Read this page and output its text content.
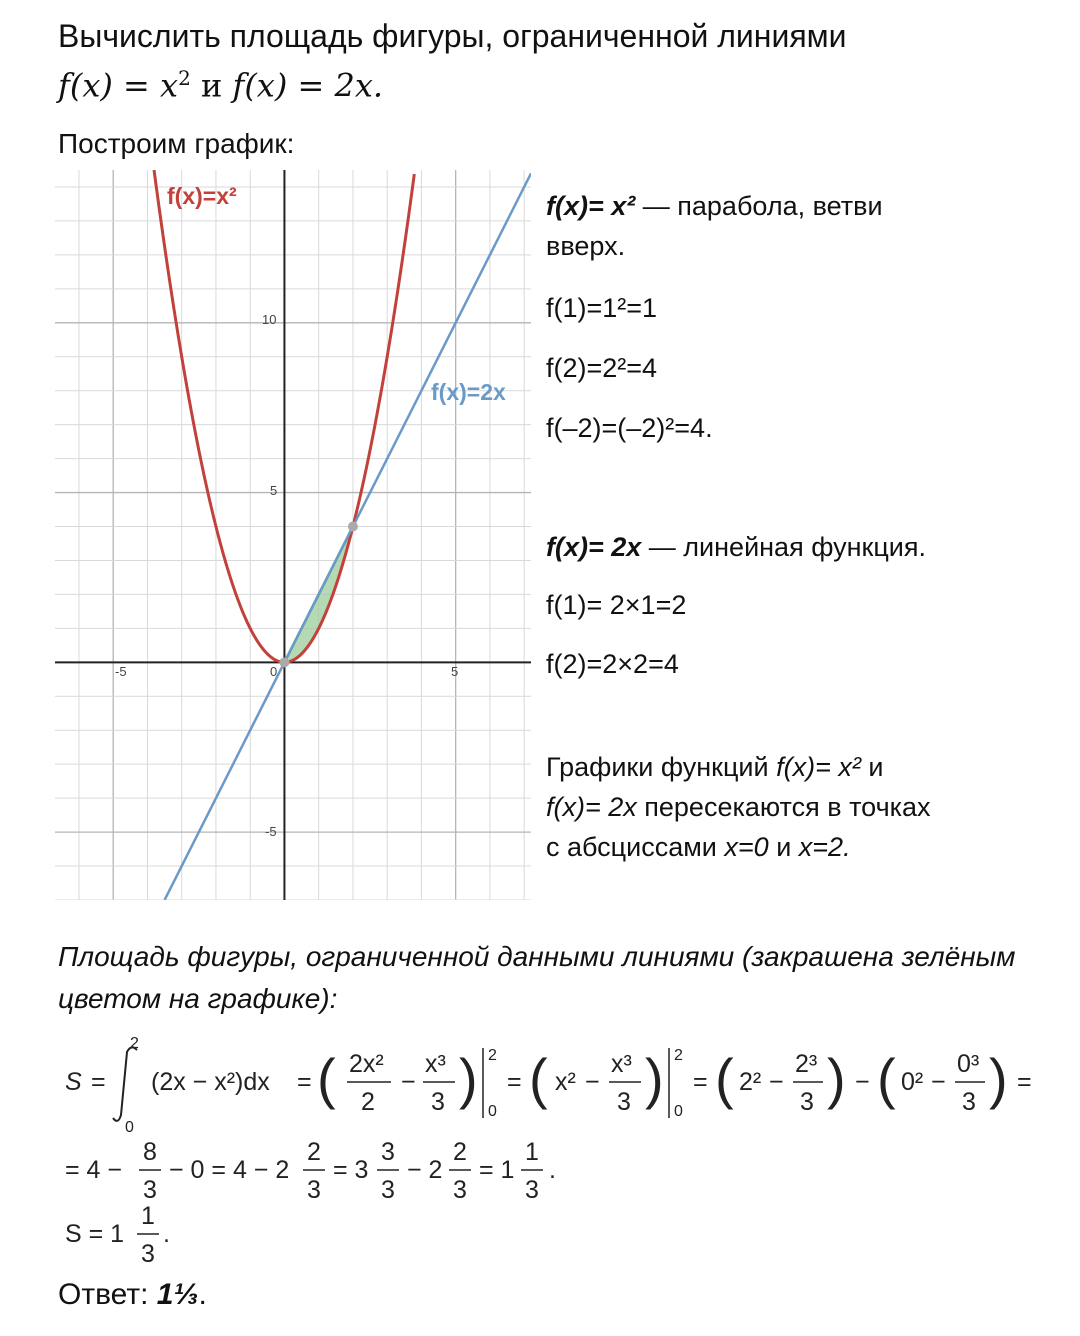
Вычислить площадь фигуры, ограниченной линиями
$f(x) = x^2$ и f(x) = 2x.
Построим график:
-5	0	5
10
5
-5
f(x)=x²
f(x)=2x
f(x)= x² — парабола, ветви
вверх.
f(1)=1²=1
f(2)=2²=4
f(–2)=(–2)²=4.
f(x)= 2x — линейная функция.
f(1)= 2×1=2
f(2)=2×2=4
Графики функций f(x)= x² и
f(x)= 2x пересекаются в точках
с абсциссами x=0 и x=2.
Площадь фигуры, ограниченной данными линиями (закрашена зелёным цветом на графике):
S =
2
0
(2x − x²)dx = ( 2x²
2
−
x³
3 ) 2
0
= ( x² −
x³
3 ) 2
0
= ( 2² −
2³
3 ) − ( 0² −
0³
3 ) =
= 4 −
8
3
− 0 = 4 − 2
2
3
= 3
3
3
− 2
2
3
= 1
1
3
.
S = 1
1
3
.
Ответ: 1⅓.
